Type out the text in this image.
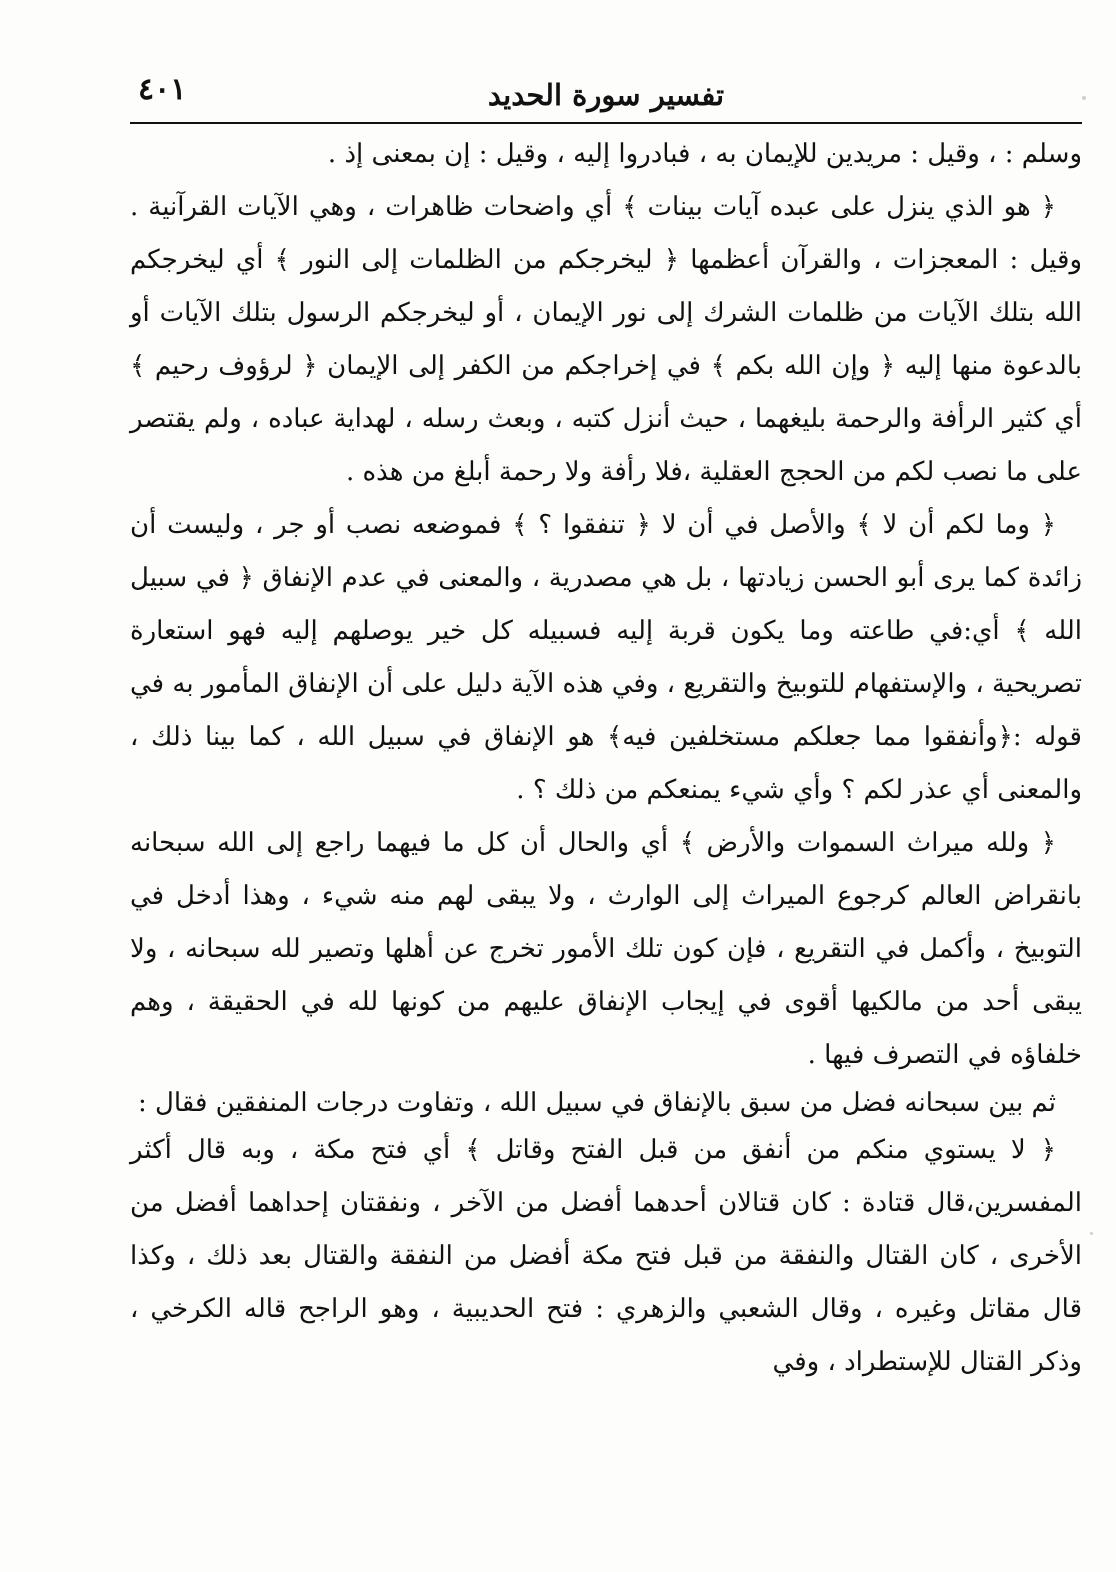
تفسير سورة الحديد
٤٠١

وسلم : ، وقيل : مريدين للإيمان به ، فبادروا إليه ، وقيل : إن بمعنى إذ .

﴿ هو الذي ينزل على عبده آيات بينات ﴾ أي واضحات ظاهرات ، وهي الآيات القرآنية . وقيل : المعجزات ، والقرآن أعظمها ﴿ ليخرجكم من الظلمات إلى النور ﴾ أي ليخرجكم الله بتلك الآيات من ظلمات الشرك إلى نور الإيمان ، أو ليخرجكم الرسول بتلك الآيات أو بالدعوة منها إليه ﴿ وإن الله بكم ﴾ في إخراجكم من الكفر إلى الإيمان ﴿ لرؤوف رحيم ﴾ أي كثير الرأفة والرحمة بليغهما ، حيث أنزل كتبه ، وبعث رسله ، لهداية عباده ، ولم يقتصر على ما نصب لكم من الحجج العقلية ،فلا رأفة ولا رحمة أبلغ من هذه .

﴿ وما لكم أن لا ﴾ والأصل في أن لا ﴿ تنفقوا ؟ ﴾ فموضعه نصب أو جر ، وليست أن زائدة كما يرى أبو الحسن زيادتها ، بل هي مصدرية ، والمعنى في عدم الإنفاق ﴿ في سبيل الله ﴾ أي:في طاعته وما يكون قربة إليه فسبيله كل خير يوصلهم إليه فهو استعارة تصريحية ، والإستفهام للتوبيخ والتقريع ، وفي هذه الآية دليل على أن الإنفاق المأمور به في قوله :﴿وأنفقوا مما جعلكم مستخلفين فيه﴾ هو الإنفاق في سبيل الله ، كما بينا ذلك ، والمعنى أي عذر لكم ؟ وأي شيء يمنعكم من ذلك ؟ .

﴿ ولله ميراث السموات والأرض ﴾ أي والحال أن كل ما فيهما راجع إلى الله سبحانه بانقراض العالم كرجوع الميراث إلى الوارث ، ولا يبقى لهم منه شيء ، وهذا أدخل في التوبيخ ، وأكمل في التقريع ، فإن كون تلك الأمور تخرج عن أهلها وتصير لله سبحانه ، ولا يبقى أحد من مالكيها أقوى في إيجاب الإنفاق عليهم من كونها لله في الحقيقة ، وهم خلفاؤه في التصرف فيها .

ثم بين سبحانه فضل من سبق بالإنفاق في سبيل الله ، وتفاوت درجات المنفقين فقال :

﴿ لا يستوي منكم من أنفق من قبل الفتح وقاتل ﴾ أي فتح مكة ، وبه قال أكثر المفسرين،قال قتادة : كان قتالان أحدهما أفضل من الآخر ، ونفقتان إحداهما أفضل من الأخرى ، كان القتال والنفقة من قبل فتح مكة أفضل من النفقة والقتال بعد ذلك ، وكذا قال مقاتل وغيره ، وقال الشعبي والزهري : فتح الحديبية ، وهو الراجح قاله الكرخي ، وذكر القتال للإستطراد ، وفي
